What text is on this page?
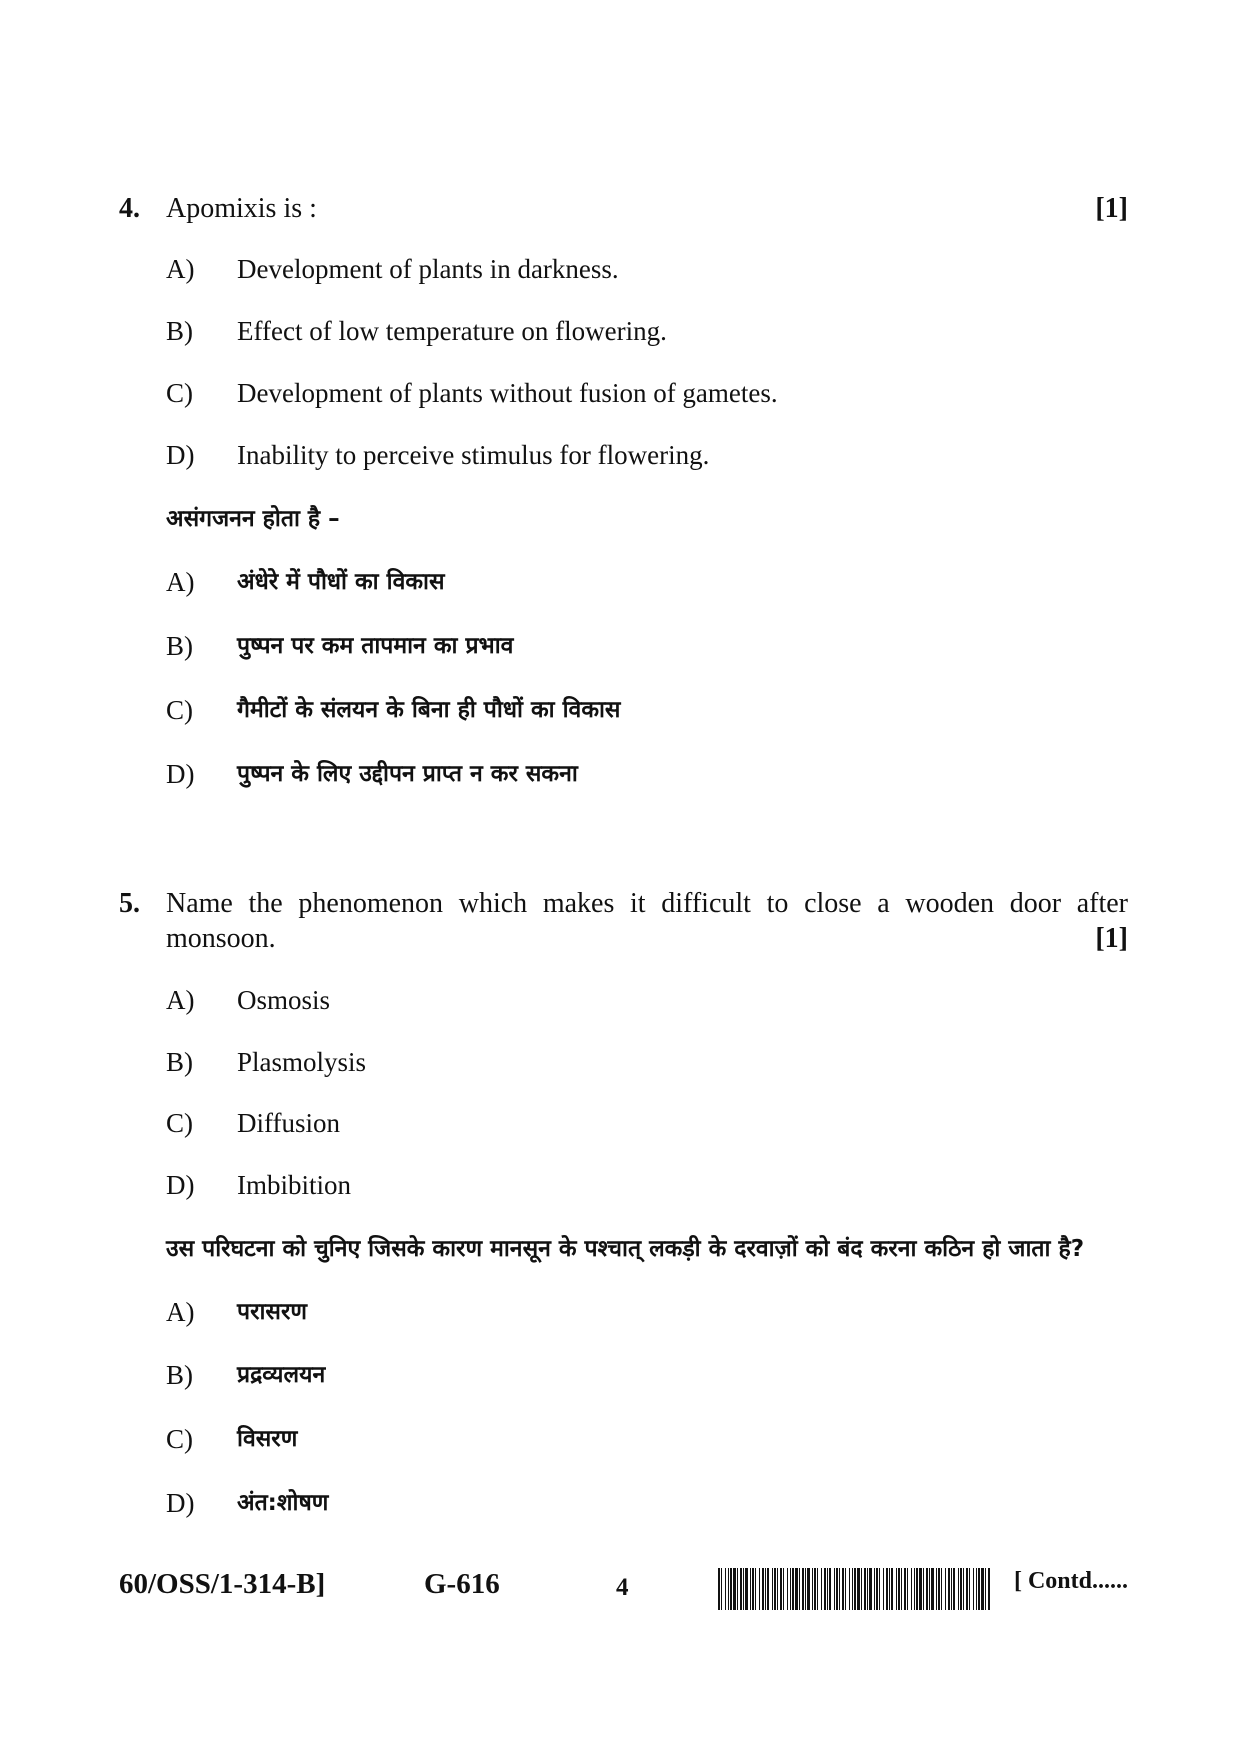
4. Apomixis is :	[1]
A) Development of plants in darkness.
B) Effect of low temperature on flowering.
C) Development of plants without fusion of gametes.
D) Inability to perceive stimulus for flowering.
असंगजनन होता है –
A) अंधेरे में पौधों का विकास
B) पुष्पन पर कम तापमान का प्रभाव
C) गैमीटों के संलयन के बिना ही पौधों का विकास
D) पुष्पन के लिए उद्दीपन प्राप्त न कर सकना
5. Name the phenomenon which makes it difficult to close a wooden door after
monsoon.	[1]
A) Osmosis
B) Plasmolysis
C) Diffusion
D) Imbibition
उस परिघटना को चुनिए जिसके कारण मानसून के पश्चात् लकड़ी के दरवाज़ों को बंद करना कठिन हो जाता है?
A) परासरण
B) प्रद्रव्यलयन
C) विसरण
D) अंत:शोषण
60/OSS/1-314-B]	G-616	4	[ Contd......
